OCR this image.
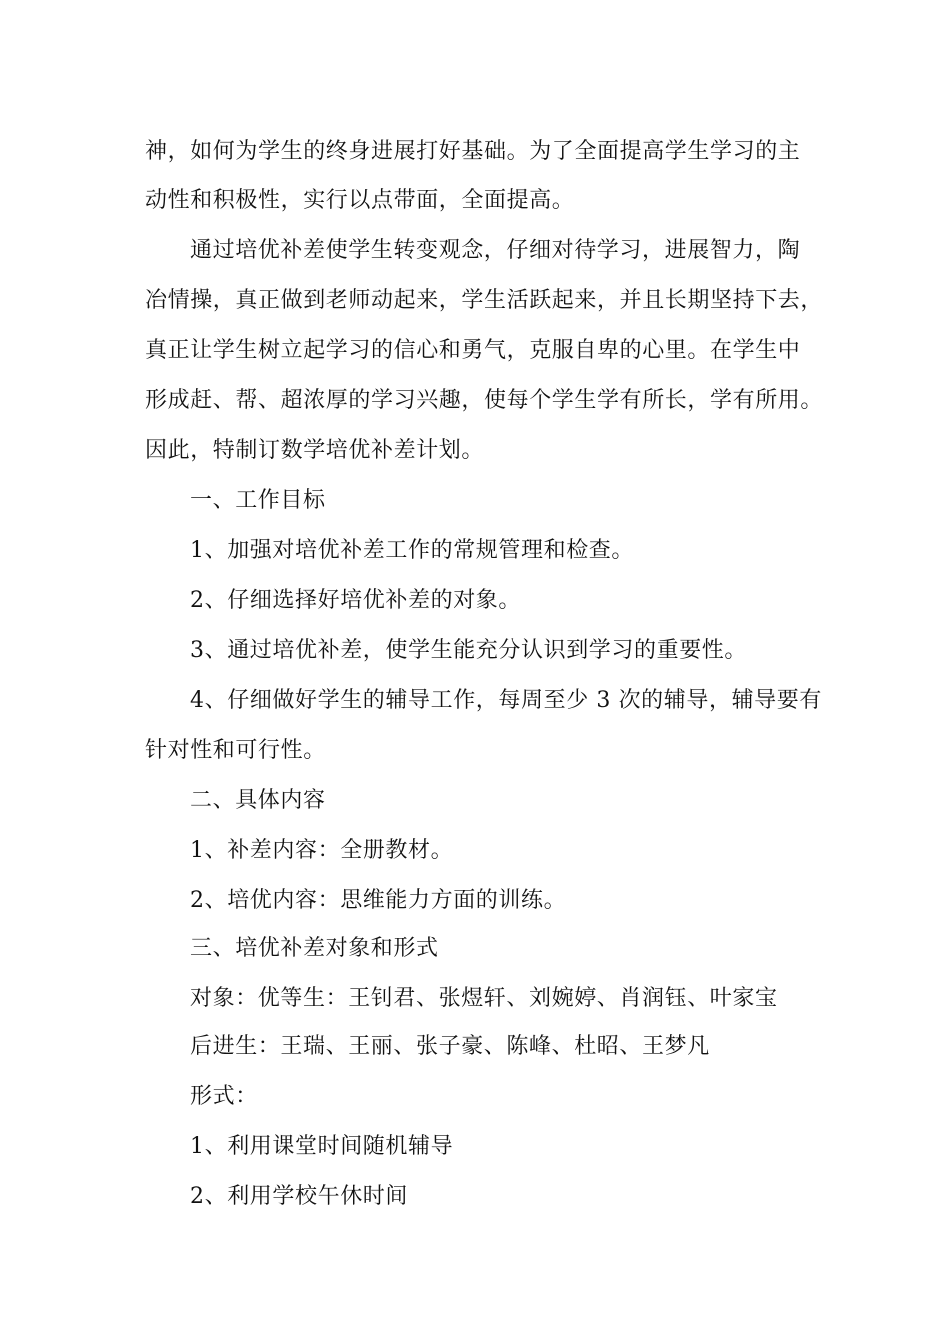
神，如何为学生的终身进展打好基础。为了全面提高学生学习的主
动性和积极性，实行以点带面，全面提高。
通过培优补差使学生转变观念，仔细对待学习，进展智力，陶
冶情操，真正做到老师动起来，学生活跃起来，并且长期坚持下去，
真正让学生树立起学习的信心和勇气，克服自卑的心里。在学生中
形成赶、帮、超浓厚的学习兴趣，使每个学生学有所长，学有所用。
因此，特制订数学培优补差计划。
一、工作目标
1、加强对培优补差工作的常规管理和检查。
2、仔细选择好培优补差的对象。
3、通过培优补差，使学生能充分认识到学习的重要性。
4、仔细做好学生的辅导工作，每周至少 3 次的辅导，辅导要有
针对性和可行性。
二、具体内容
1、补差内容：全册教材。
2、培优内容：思维能力方面的训练。
三、培优补差对象和形式
对象：优等生：王钊君、张煜轩、刘婉婷、肖润钰、叶家宝
后进生：王瑞、王丽、张子豪、陈峰、杜昭、王梦凡
形式：
1、利用课堂时间随机辅导
2、利用学校午休时间
